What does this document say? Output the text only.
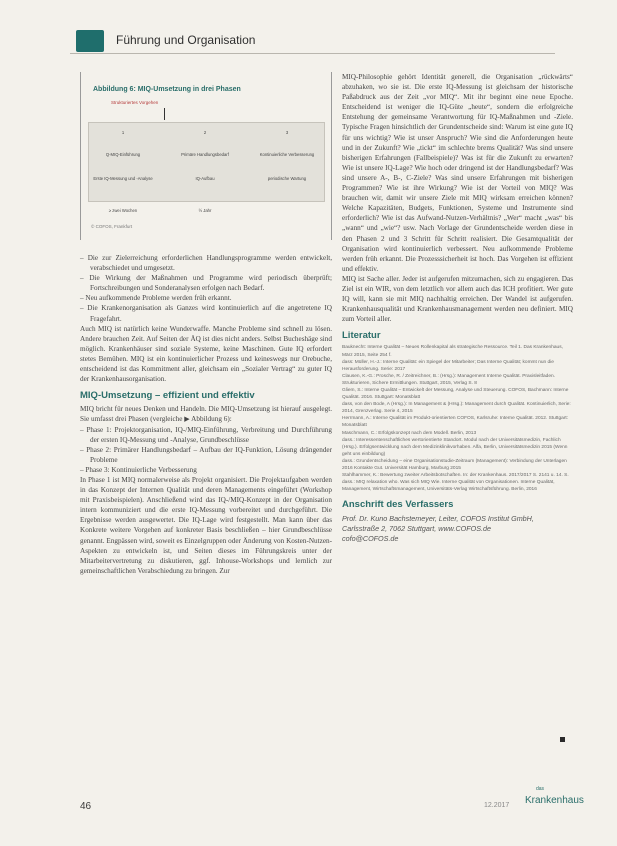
Führung und Organisation
Abbildung 6: MIQ-Umsetzung in drei Phasen
Strukturiertes Vorgehen
1	2	3
Q-MIQ-Einführung	Primäre Handlungsbedarf	Kontinuierliche Verbesserung
Erste IQ-Messung und -Analyse	IQ-Aufbau	periodische Wartung
≥ zwei Wochen	½ Jahr
© COFOS, Frankfurt

– Die zur Zielerreichung erforderlichen Handlungsprogramme werden entwickelt, verabschiedet und umgesetzt.

– Die Wirkung der Maßnahmen und Programme wird periodisch überprüft; Fortschreibungen und Sonderanalysen erfolgen nach Bedarf.

– Neu aufkommende Probleme werden früh erkannt.

– Die Krankenorganisation als Ganzes wird kontinuierlich auf die angetretene IQ Fragefahrt.

Auch MIQ ist natürlich keine Wunderwaffe. Manche Probleme sind schnell zu lösen. Andere brauchen Zeit. Auf Seiten der ÄQ ist dies nicht anders. Selbst Bucheshäge sind möglich. Krankenhäuser sind soziale Systeme, keine Maschinen. Gute IQ erfordert stetes Bemühen. MIQ ist ein kontinuierlicher Prozess und keineswegs nur Orebuche, entscheidend ist das Kommitment aller, gleichsam ein „Sozialer Vertrag“ zu guter IQ der Krankenhausorganisation.

MIQ-Umsetzung – effizient und effektiv

MIQ bricht für neues Denken und Handeln. Die MIQ-Umsetzung ist hierauf ausgelegt. Sie umfasst drei Phasen (vergleiche ▶ Abbildung 6):

– Phase 1: Projektorganisation, IQ-/MIQ-Einführung, Verbreitung und Durchführung der ersten IQ-Messung und -Analyse, Grundbeschlüsse

– Phase 2: Primärer Handlungsbedarf – Aufbau der IQ-Funktion, Lösung drängender Probleme

– Phase 3: Kontinuierliche Verbesserung

In Phase 1 ist MIQ normalerweise als Projekt organisiert. Die Projektaufgaben werden in das Konzept der Internen Qualität und deren Managements eingeführt (Workshop mit Praxisbeispielen). Anschließend wird das IQ-/MIQ-Konzept in der Organisation intern kommuniziert und die erste IQ-Messung vorbereitet und durchgeführt. Die Ergebnisse werden ausgewertet. Die IQ-Lage wird festgestellt. Man kann über das Konkrete weitere Vorgehen auf konkreter Basis beschließen – hier Grundbeschlüsse genannt. Engpässen wird, soweit es Einzelgruppen oder Änderung von Kosten-Nutzen-Aspekten zu entwickeln ist, und Seiten dieses im Führungskreis unter der Mitarbeitervertretung zu diskutieren, ggf. Inhouse-Workshops und lernlich zur gemeinschaftlichen Verabschiedung zu bringen. Zur

MIQ-Philosophie gehört Identität generell, die Organisation „rückwärts“ abzuhaken, wo sie ist. Die erste IQ-Messung ist gleichsam der historische Paßabdruck aus der Zeit „vor MIQ“. Mit ihr beginnt eine neue Epoche. Entscheidend ist weniger die IQ-Güte „heute“, sondern die erfolgreiche Entstehung der gemeinsame Verantwortung für IQ-Maßnahmen und -Ziele. Typische Fragen hinsichtlich der Grundentscheide sind: Warum ist eine gute IQ für uns wichtig? Wie ist unser Anspruch? Wie sind die Anforderungen heute und in der Zukunft? Wie „tickt“ im schlechte brems Qualität? Was sind unsere bisherigen Erfahrungen (Fallbeispiele)? Was ist für die Zukunft zu erwarten? Wie ist unsere IQ-Lage? Wie hoch oder dringend ist der Handlungsbedarf? Was sind unsere A-, B-, C-Ziele? Was sind unsere Erfahrungen mit bisherigen Programmen? Wie ist ihre Wirkung? Wie ist der Vorteil von MIQ? Was brauchen wir, damit wir unsere Ziele mit MIQ wirksam erreichen können? Welche Kapazitäten, Budgets, Funktionen, Systeme und Instrumente sind erforderlich? Wie ist das Aufwand-Nutzen-Verhältnis? „Wer“ macht „was“ bis „wann“ und „wie“? usw. Nach Vorlage der Grundentscheide werden diese in den Phasen 2 und 3 Schritt für Schritt realisiert. Die Gesamtqualität der Organisation wird kontinuierlich verbessert. Neu aufkommende Probleme werden früh erkannt. Die Prozesssicherheit ist hoch. Das Vorgehen ist effizient und effektiv.

MIQ ist Sache aller. Jeder ist aufgerufen mitzumachen, sich zu engagieren. Das Ziel ist ein WIR, von dem letztlich vor allem auch das ICH profitiert. Wer gute IQ will, kann sie mit MIQ nachhaltig erreichen. Der Wandel ist aufgerufen. Krankenhausqualität und Krankenhausmanagement werden neu definiert. MIQ zum Vorteil aller.

Literatur
Bauknecht: Interne Qualität – Neues Rollenkapital als strategische Ressource. Teil 1. Das Krankenhaus, März 2015, Seite 254 f.
dass: Müller, H.-J.: Interne Qualität: ein Spiegel der Mitarbeiter; Das Interne Qualität; kommt nun die Herausforderung. Serie: 2017
Clausen, K.-G.: Prosche, R. / Zeitreichner, B.: (Hrsg.): Management Interne Qualität. Praxisleitfaden. Strukturieren, Sichere Ermittlungen. Stuttgart, 2015, Verlag S. 8
Gliem, S.: Interne Qualität – Entwickelt der Messung, Analyse und Steuerung. COFOS, Bachmann: Interne Qualität. 2016. Stuttgart: Monatsblatt
dass, von den Bode, A (Hrsg.): In Management & (Hrsg.): Management durch Qualität. Kontinuierlich, Serie: 2014, Grenzverlag. Serie 4, 2015
Herrmann, A.: Interne Qualität im Produkt-orientierten COFOS, Karlsruhe: Interne Qualität. 2012. Stuttgart: Monatsblatt
Maschmann, C.: Erfolgskonzept nach dem Modell. Berlin, 2013
dass.: Interessentenschaftliches wertorientierte Standort. Modul nach der Universitätsmedizin, Fachlich (Hrsg.). Erfolgsentwicklung nach dem Medizinklinikvorhaben. Alfa, Berlin, Universitätsmedizin 2015 (Wenn geht uns einbildung)
dass.: Grundentscheidung – eine Organisationstudie-Zeitraum (Management): Verbindung der Unterlagen 2016 Kontakte Gut. Universität Hamburg, Marburg 2015
Stahlhammer, K.: Bewertung zweiter Arbeitsbotschaften. In: der Krankenhaus. 2017/2017 S. 2141 u. 14. S.
dass.: MIQ relaxation who. Was sich MIQ Wie. Interne Qualität von Organisationen. Interne Qualität, Management, Wirtschaftsmanagement, Universitäts-Verlag Wirtschaftsführung. Berlin, 2016
Anschrift des Verfassers
Prof. Dr. Kuno Bachstemeyer, Leiter, COFOS Institut GmbH,
Carlsstraße 2, 7062 Stuttgart, www.COFOS.de
cofo@COFOS.de
46	12.2017
das
Krankenhaus
